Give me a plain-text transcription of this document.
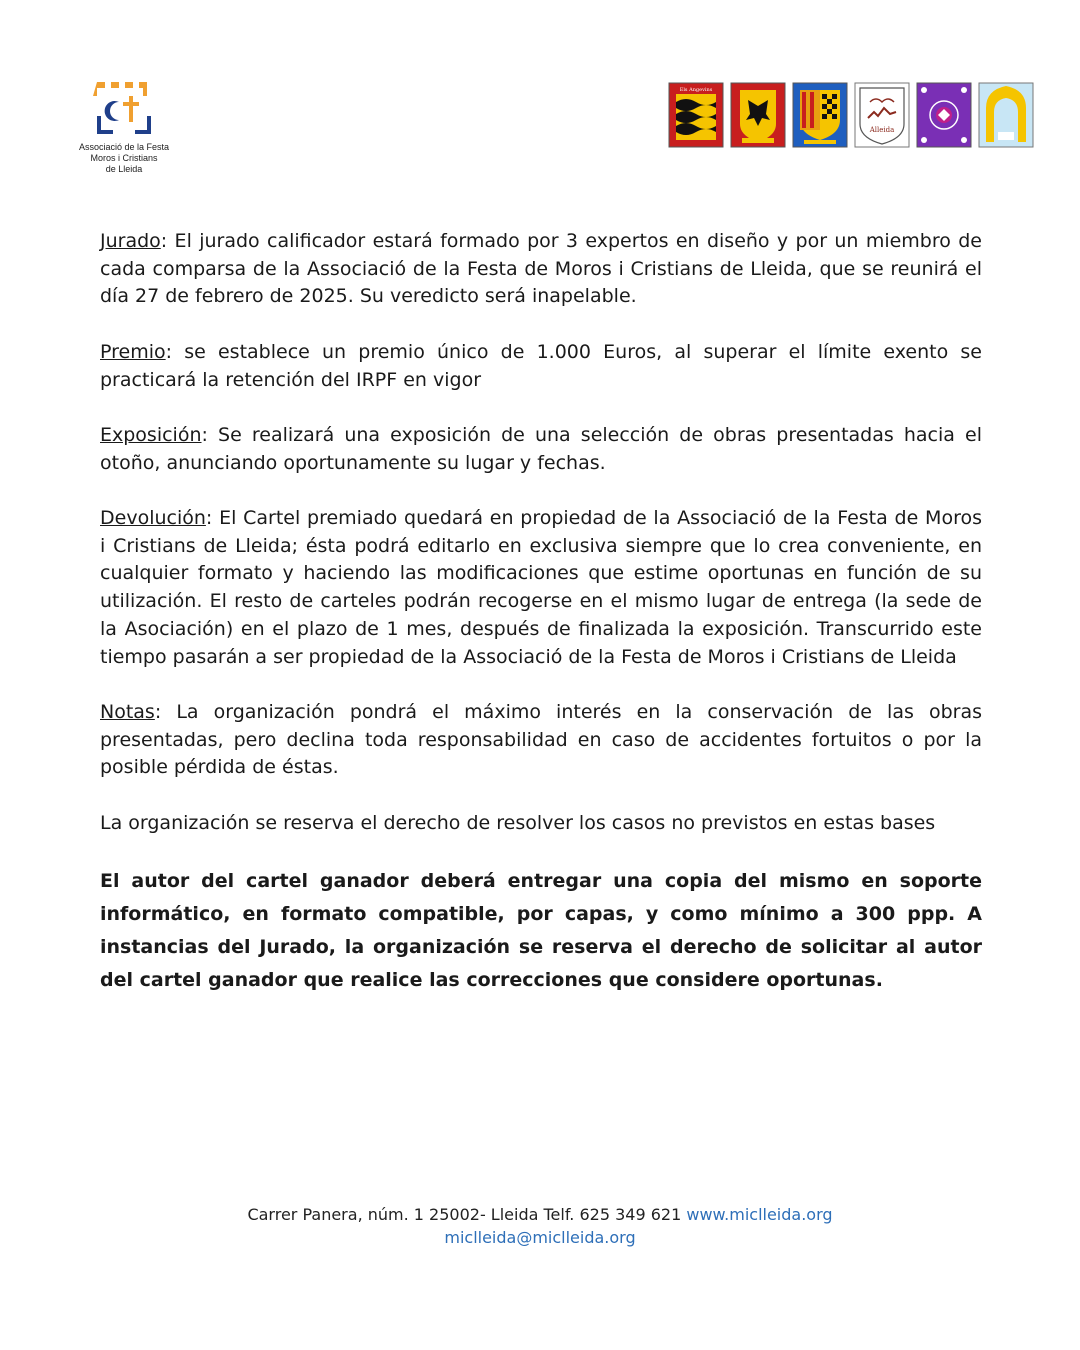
Associació de la Festa
Moros i Cristians
de Lleida
Els Angevins
Alleida

Jurado: El jurado calificador estará formado por 3 expertos en diseño y por un miembro de cada comparsa de la Associació de la Festa de Moros i Cristians de Lleida, que se reunirá el día 27 de febrero de 2025. Su veredicto será inapelable.

Premio: se establece un premio único de 1.000 Euros, al superar el límite exento se practicará la retención del IRPF en vigor

Exposición: Se realizará una exposición de una selección de obras presentadas hacia el otoño, anunciando oportunamente su lugar y fechas.

Devolución: El Cartel premiado quedará en propiedad de la Associació de la Festa de Moros i Cristians de Lleida; ésta podrá editarlo en exclusiva siempre que lo crea conveniente, en cualquier formato y haciendo las modificaciones que estime oportunas en función de su utilización. El resto de carteles podrán recogerse en el mismo lugar de entrega (la sede de la Asociación) en el plazo de 1 mes, después de finalizada la exposición. Transcurrido este tiempo pasarán a ser propiedad de la Associació de la Festa de Moros i Cristians de Lleida

Notas: La organización pondrá el máximo interés en la conservación de las obras presentadas, pero declina toda responsabilidad en caso de accidentes fortuitos o por la posible pérdida de éstas.

La organización se reserva el derecho de resolver los casos no previstos en estas bases

El autor del cartel ganador deberá entregar una copia del mismo en soporte informático, en formato compatible, por capas, y como mínimo a 300 ppp. A instancias del Jurado, la organización se reserva el derecho de solicitar al autor del cartel ganador que realice las correcciones que considere oportunas.

Carrer Panera, núm. 1 25002- Lleida Telf. 625 349 621 www.miclleida.org
miclleida@miclleida.org
